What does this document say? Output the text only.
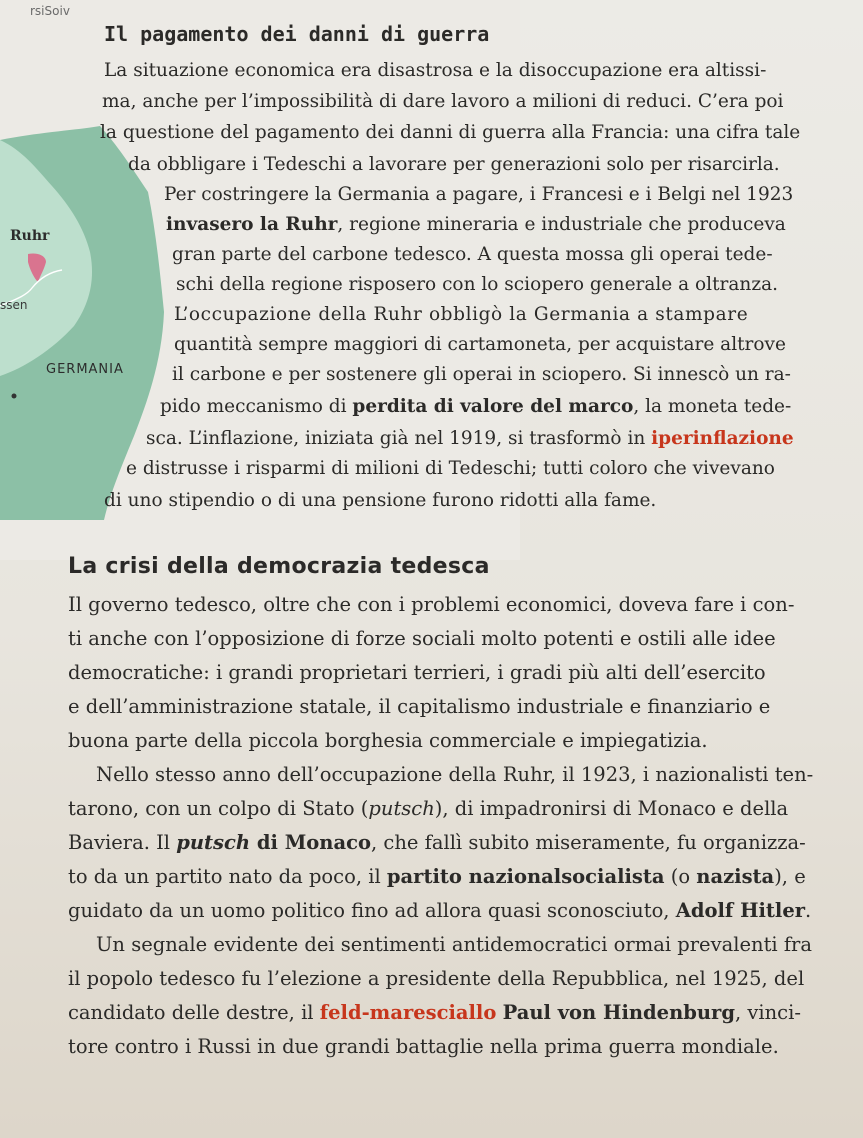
rsiSoiv
Ruhr
ssen
GERMANIA
Il pagamento dei danni di guerra
La situazione economica era disastrosa e la disoccupazione era altissi-
ma, anche per l’impossibilità di dare lavoro a milioni di reduci. C’era poi
la questione del pagamento dei danni di guerra alla Francia: una cifra tale
da obbligare i Tedeschi a lavorare per generazioni solo per risarcirla.
Per costringere la Germania a pagare, i Francesi e i Belgi nel 1923
invasero la Ruhr, regione mineraria e industriale che produceva
gran parte del carbone tedesco. A questa mossa gli operai tede-
schi della regione risposero con lo sciopero generale a oltranza.
L’occupazione della Ruhr obbligò la Germania a stampare
quantità sempre maggiori di cartamoneta, per acquistare altrove
il carbone e per sostenere gli operai in sciopero. Si innescò un ra-
pido meccanismo di perdita di valore del marco, la moneta tede-
sca. L’inflazione, iniziata già nel 1919, si trasformò in iperinflazione
e distrusse i risparmi di milioni di Tedeschi; tutti coloro che vivevano
di uno stipendio o di una pensione furono ridotti alla fame.
La crisi della democrazia tedesca
Il governo tedesco, oltre che con i problemi economici, doveva fare i con-
ti anche con l’opposizione di forze sociali molto potenti e ostili alle idee
democratiche: i grandi proprietari terrieri, i gradi più alti dell’esercito
e dell’amministrazione statale, il capitalismo industriale e finanziario e
buona parte della piccola borghesia commerciale e impiegatizia.
Nello stesso anno dell’occupazione della Ruhr, il 1923, i nazionalisti ten-
tarono, con un colpo di Stato (putsch), di impadronirsi di Monaco e della
Baviera. Il putsch di Monaco, che fallì subito miseramente, fu organizza-
to da un partito nato da poco, il partito nazionalsocialista (o nazista), e
guidato da un uomo politico fino ad allora quasi sconosciuto, Adolf Hitler.
Un segnale evidente dei sentimenti antidemocratici ormai prevalenti fra
il popolo tedesco fu l’elezione a presidente della Repubblica, nel 1925, del
candidato delle destre, il feld-maresciallo Paul von Hindenburg, vinci-
tore contro i Russi in due grandi battaglie nella prima guerra mondiale.
